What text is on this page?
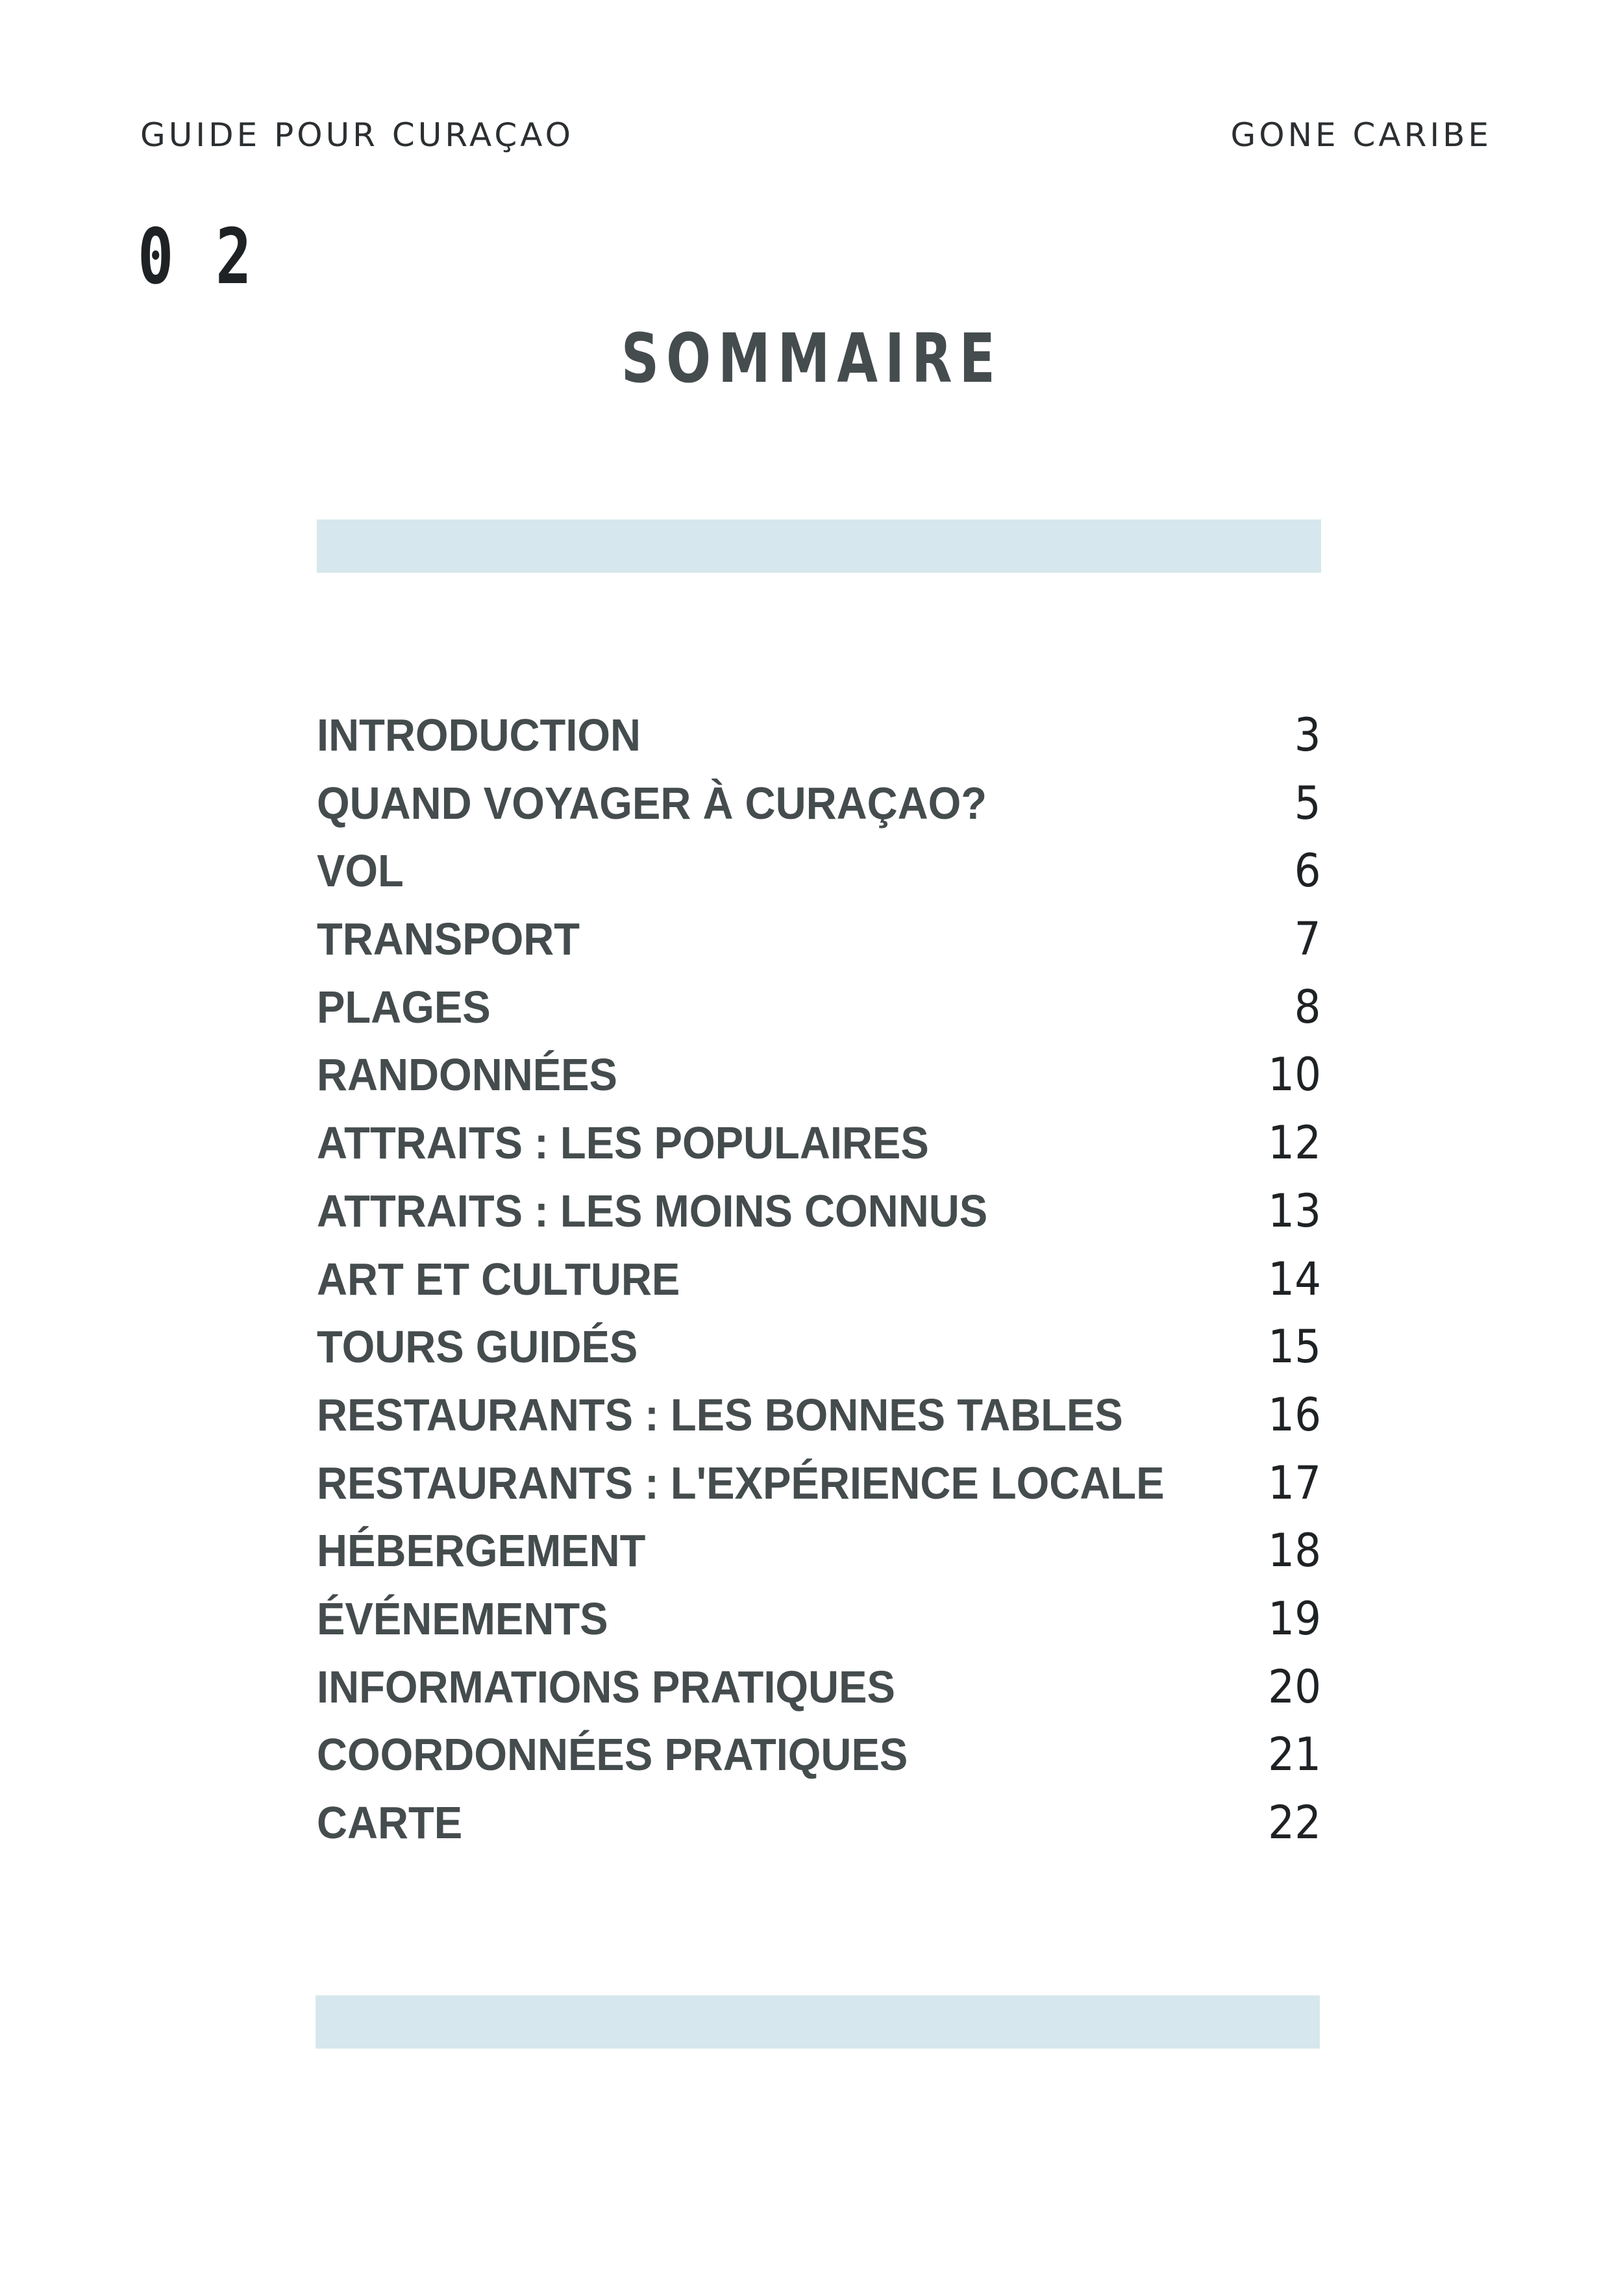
GUIDE POUR CURAÇAO	GONE CARIBE
0 2
SOMMAIRE
INTRODUCTION	3
QUAND VOYAGER À CURAÇAO?	5
VOL	6
TRANSPORT	7
PLAGES	8
RANDONNÉES	10
ATTRAITS : LES POPULAIRES	12
ATTRAITS : LES MOINS CONNUS	13
ART ET CULTURE	14
TOURS GUIDÉS	15
RESTAURANTS : LES BONNES TABLES	16
RESTAURANTS : L'EXPÉRIENCE LOCALE 17
HÉBERGEMENT	18
ÉVÉNEMENTS	19
INFORMATIONS PRATIQUES	20
COORDONNÉES PRATIQUES	21
CARTE	22
